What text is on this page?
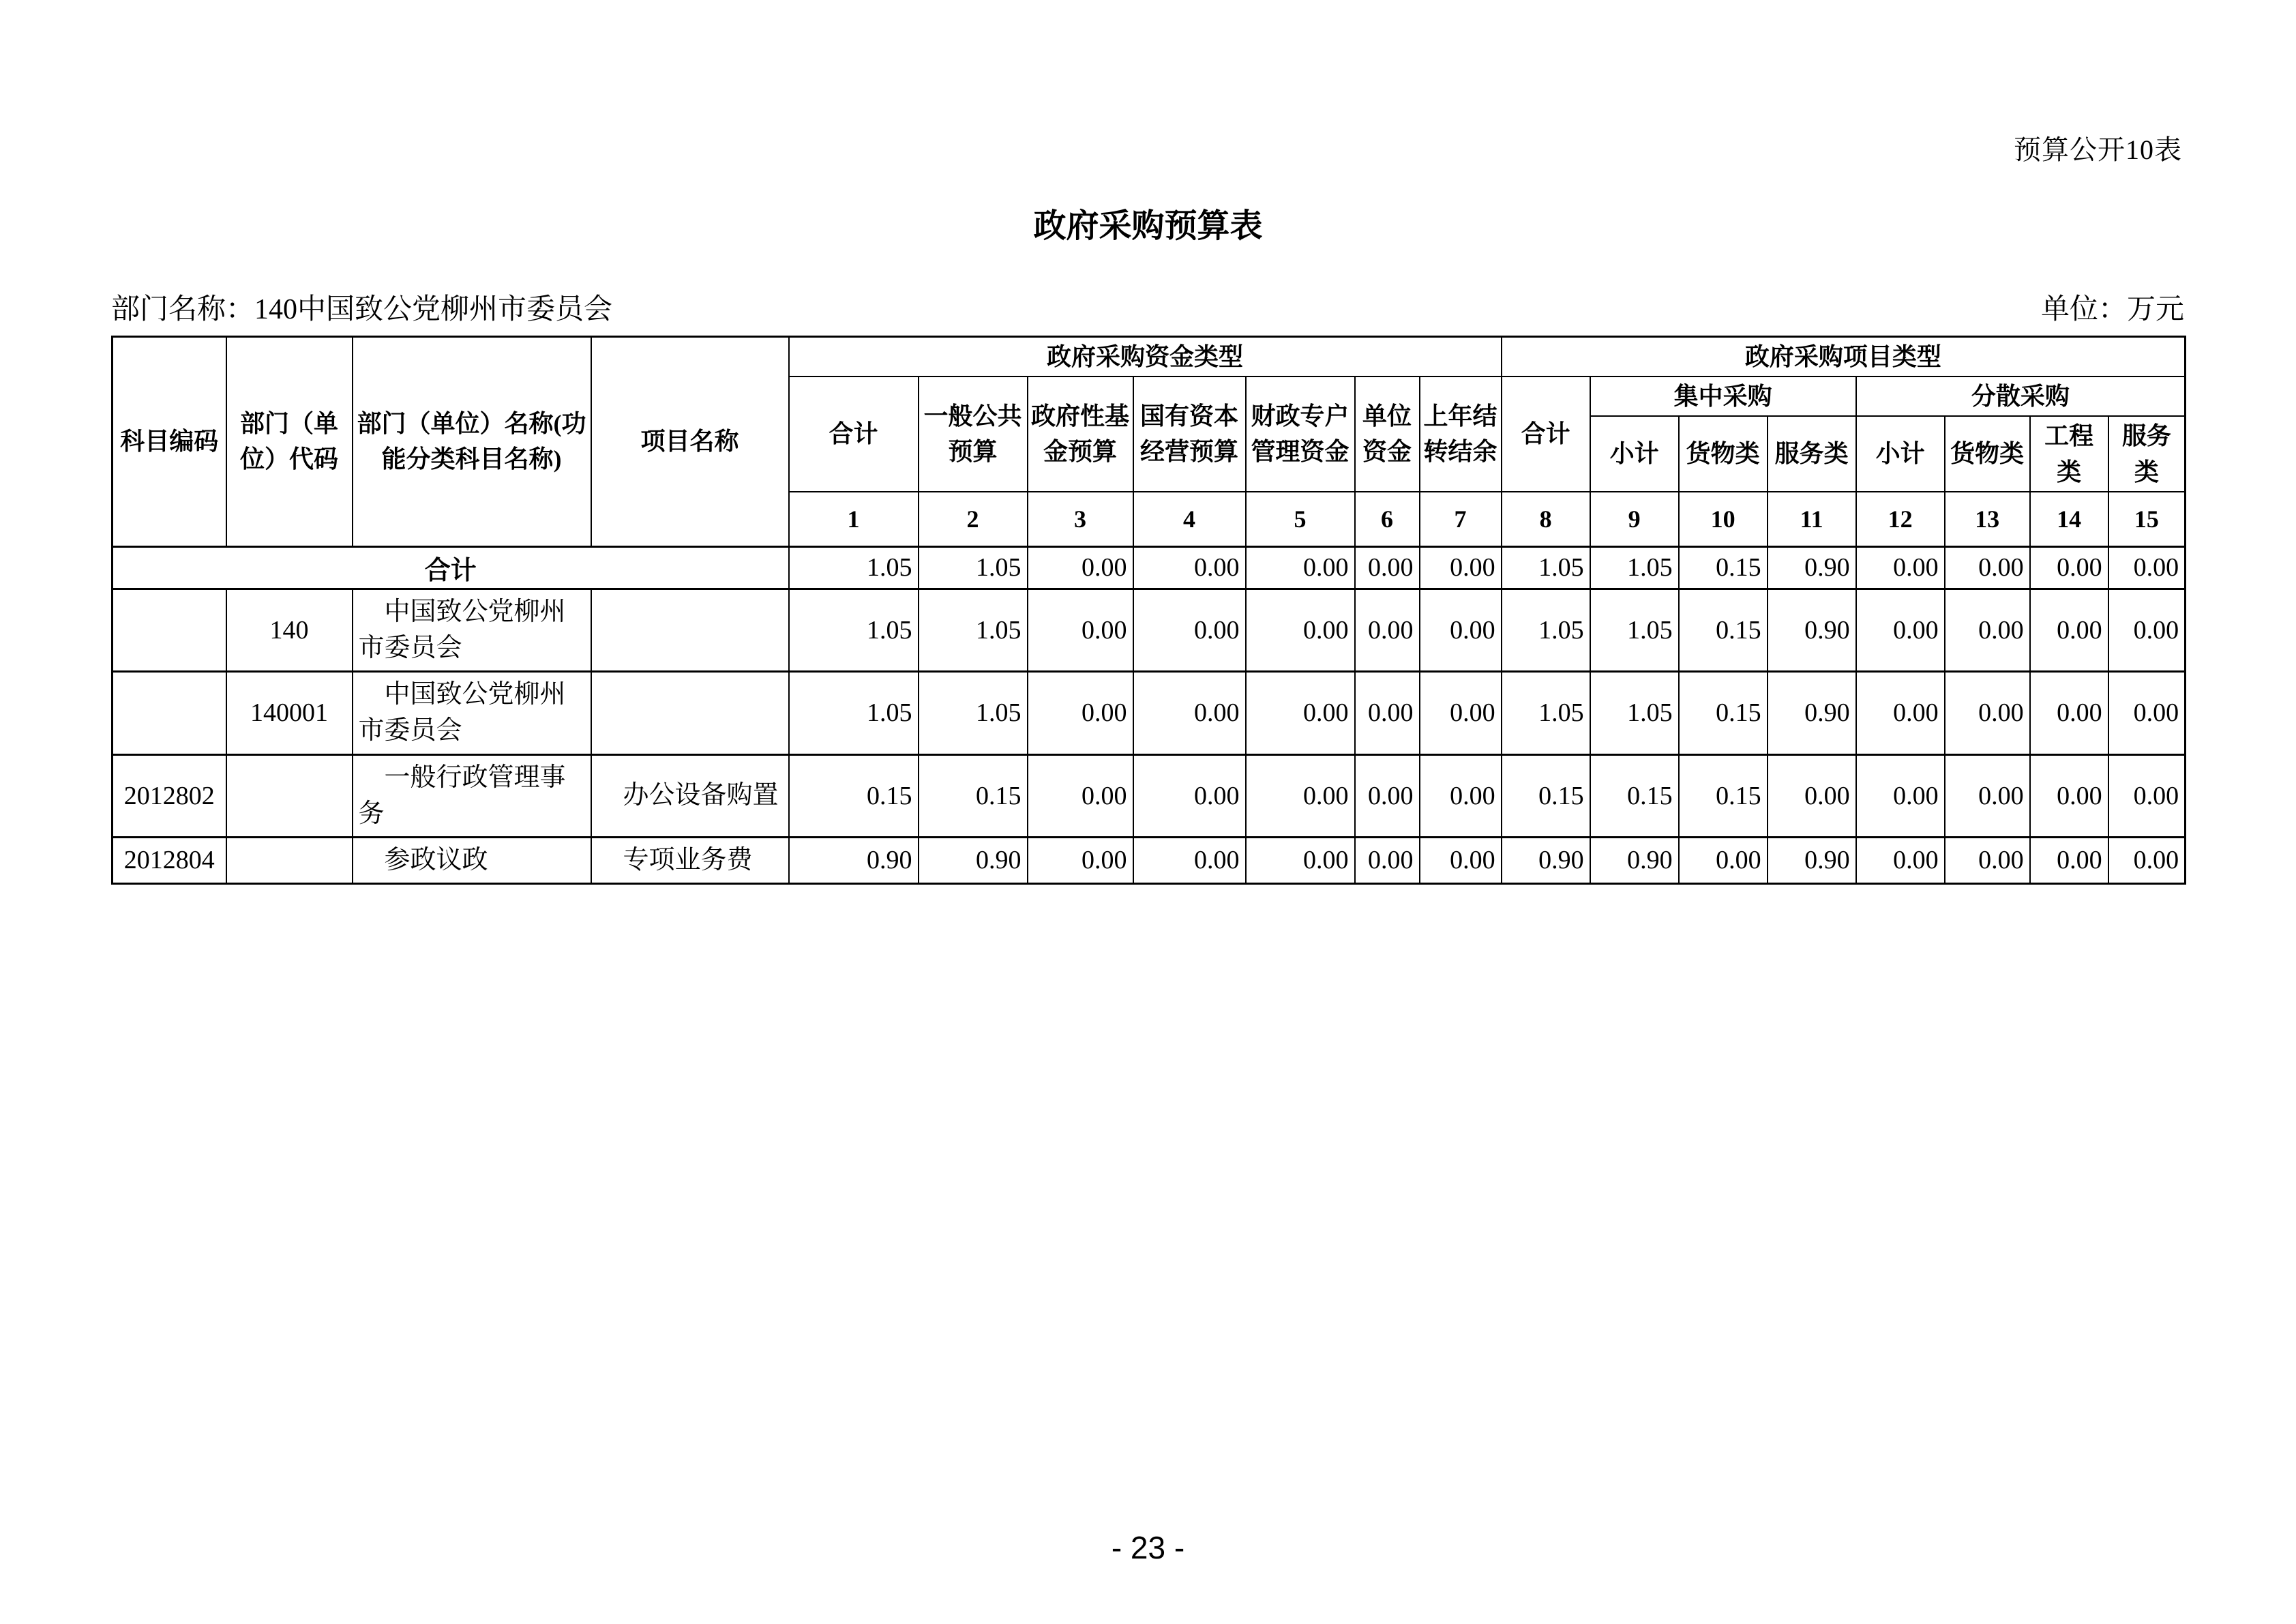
预算公开10表
政府采购预算表
部门名称：140中国致公党柳州市委员会	单位：万元
科目编码	部门（单位）代码	部门（单位）名称(功能分类科目名称)	项目名称	政府采购资金类型							政府采购项目类型							
				合计	一般公共预算	政府性基金预算	国有资本经营预算	财政专户管理资金	单位资金	上年结转结余	合计	集中采购			分散采购			
												小计	货物类	服务类	小计	货物类	工程类	服务类
				1	2	3	4	5	6	7	8	9	10	11	12	13	14	15
合计				1.05	1.05	0.00	0.00	0.00	0.00	0.00	1.05	1.05	0.15	0.90	0.00	0.00	0.00	0.00
	140	中国致公党柳州市委员会		1.05	1.05	0.00	0.00	0.00	0.00	0.00	1.05	1.05	0.15	0.90	0.00	0.00	0.00	0.00
	140001	中国致公党柳州市委员会		1.05	1.05	0.00	0.00	0.00	0.00	0.00	1.05	1.05	0.15	0.90	0.00	0.00	0.00	0.00
2012802		一般行政管理事务	办公设备购置	0.15	0.15	0.00	0.00	0.00	0.00	0.00	0.15	0.15	0.15	0.00	0.00	0.00	0.00	0.00
2012804		参政议政	专项业务费	0.90	0.90	0.00	0.00	0.00	0.00	0.00	0.90	0.90	0.00	0.90	0.00	0.00	0.00	0.00
- 23 -
